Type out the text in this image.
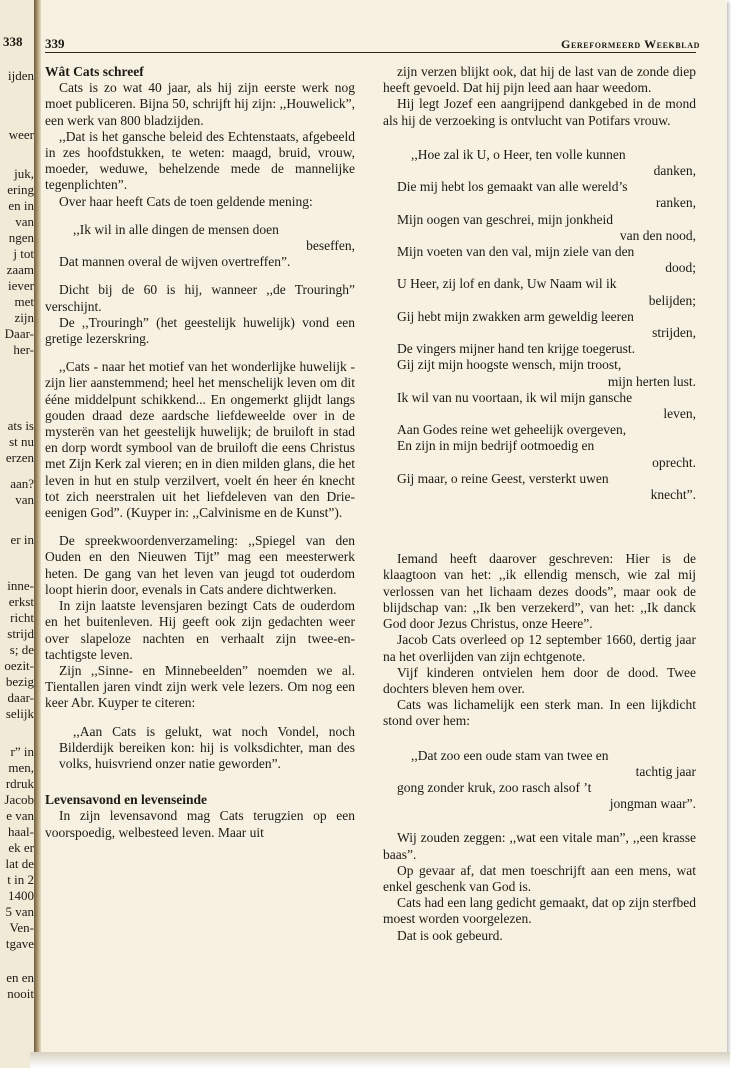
338
ijden
weer
juk,
ering
en in
van
ngen
j tot
zaam
iever
met
zijn
Daar-
her-
ats is
st nu
erzen
aan?
van
er in
inne-
erkst
richt
strijd
s; de
oezit-
bezig
daar-
selijk
r” in
men,
rdruk
Jacob
e van
haal-
ek er
lat de
t in 2
1400
5 van
Ven-
tgave
en en
nooit
339	Gereformeerd Weekblad
Wât Cats schreef

Cats is zo wat 40 jaar, als hij zijn eerste werk nog moet publiceren. Bijna 50, schrijft hij zijn: ,,Houwelick”, een werk van 800 bladzijden.

,,Dat is het gansche beleid des Echtenstaats, afgebeeld in zes hoofdstukken, te weten: maagd, bruid, vrouw, moeder, weduwe, behelzende mede de mannelijke tegenplichten”.

Over haar heeft Cats de toen geldende mening:

,,Ik wil in alle dingen de mensen doen
beseffen,
Dat mannen overal de wijven overtreffen”.

Dicht bij de 60 is hij, wanneer ,,de Trouringh” verschijnt.

De ,,Trouringh” (het geestelijk huwelijk) vond een gretige lezerskring.

,,Cats - naar het motief van het wonderlijke huwelijk - zijn lier aanstemmend; heel het menschelijk leven om dit ééne middelpunt schikkend... En ongemerkt glijdt langs gouden draad deze aardsche liefdeweelde over in de mysterën van het geestelijk huwelijk; de bruiloft in stad en dorp wordt symbool van de bruiloft die eens Christus met Zijn Kerk zal vieren; en in dien milden glans, die het leven in hut en stulp verzilvert, voelt én heer én knecht tot zich neerstralen uit het liefdeleven van den Drie-eenigen God”. (Kuyper in: ,,Calvinisme en de Kunst”).

De spreekwoordenverzameling: ,,Spiegel van den Ouden en den Nieuwen Tijt” mag een meesterwerk heten. De gang van het leven van jeugd tot ouderdom loopt hierin door, evenals in Cats andere dichtwerken.

In zijn laatste levensjaren bezingt Cats de ouderdom en het buitenleven. Hij geeft ook zijn gedachten weer over slapeloze nachten en verhaalt zijn twee-en-tachtigste leven.

Zijn ,,Sinne- en Minnebeelden” noemden we al. Tientallen jaren vindt zijn werk vele lezers. Om nog een keer Abr. Kuyper te citeren:

,,Aan Cats is gelukt, wat noch Vondel, noch Bilderdijk bereiken kon: hij is volksdichter, man des volks, huisvriend onzer natie geworden”.

Levensavond en levenseinde

In zijn levensavond mag Cats terugzien op een voorspoedig, welbesteed leven. Maar uit

zijn verzen blijkt ook, dat hij de last van de zonde diep heeft gevoeld. Dat hij pijn leed aan haar weedom.

Hij legt Jozef een aangrijpend dankgebed in de mond als hij de verzoeking is ontvlucht van Potifars vrouw.

,,Hoe zal ik U, o Heer, ten volle kunnen
danken,
Die mij hebt los gemaakt van alle wereld’s
ranken,
Mijn oogen van geschrei, mijn jonkheid
van den nood,
Mijn voeten van den val, mijn ziele van den
dood;
U Heer, zij lof en dank, Uw Naam wil ik
belijden;
Gij hebt mijn zwakken arm geweldig leeren
strijden,
De vingers mijner hand ten krijge toegerust.
Gij zijt mijn hoogste wensch, mijn troost,
mijn herten lust.
Ik wil van nu voortaan, ik wil mijn gansche
leven,
Aan Godes reine wet geheelijk overgeven,
En zijn in mijn bedrijf ootmoedig en
oprecht.
Gij maar, o reine Geest, versterkt uwen
knecht”.

Iemand heeft daarover geschreven: Hier is de klaagtoon van het: ,,ik ellendig mensch, wie zal mij verlossen van het lichaam dezes doods”, maar ook de blijdschap van: ,,Ik ben verzekerd”, van het: ,,Ik danck God door Jezus Christus, onze Heere”.

Jacob Cats overleed op 12 september 1660, dertig jaar na het overlijden van zijn echtgenote.

Vijf kinderen ontvielen hem door de dood. Twee dochters bleven hem over.

Cats was lichamelijk een sterk man. In een lijkdicht stond over hem:

,,Dat zoo een oude stam van twee en
tachtig jaar
gong zonder kruk, zoo rasch alsof ’t
jongman waar”.

Wij zouden zeggen: ,,wat een vitale man”, ,,een krasse baas”.

Op gevaar af, dat men toeschrijft aan een mens, wat enkel geschenk van God is.

Cats had een lang gedicht gemaakt, dat op zijn sterfbed moest worden voorgelezen.

Dat is ook gebeurd.
